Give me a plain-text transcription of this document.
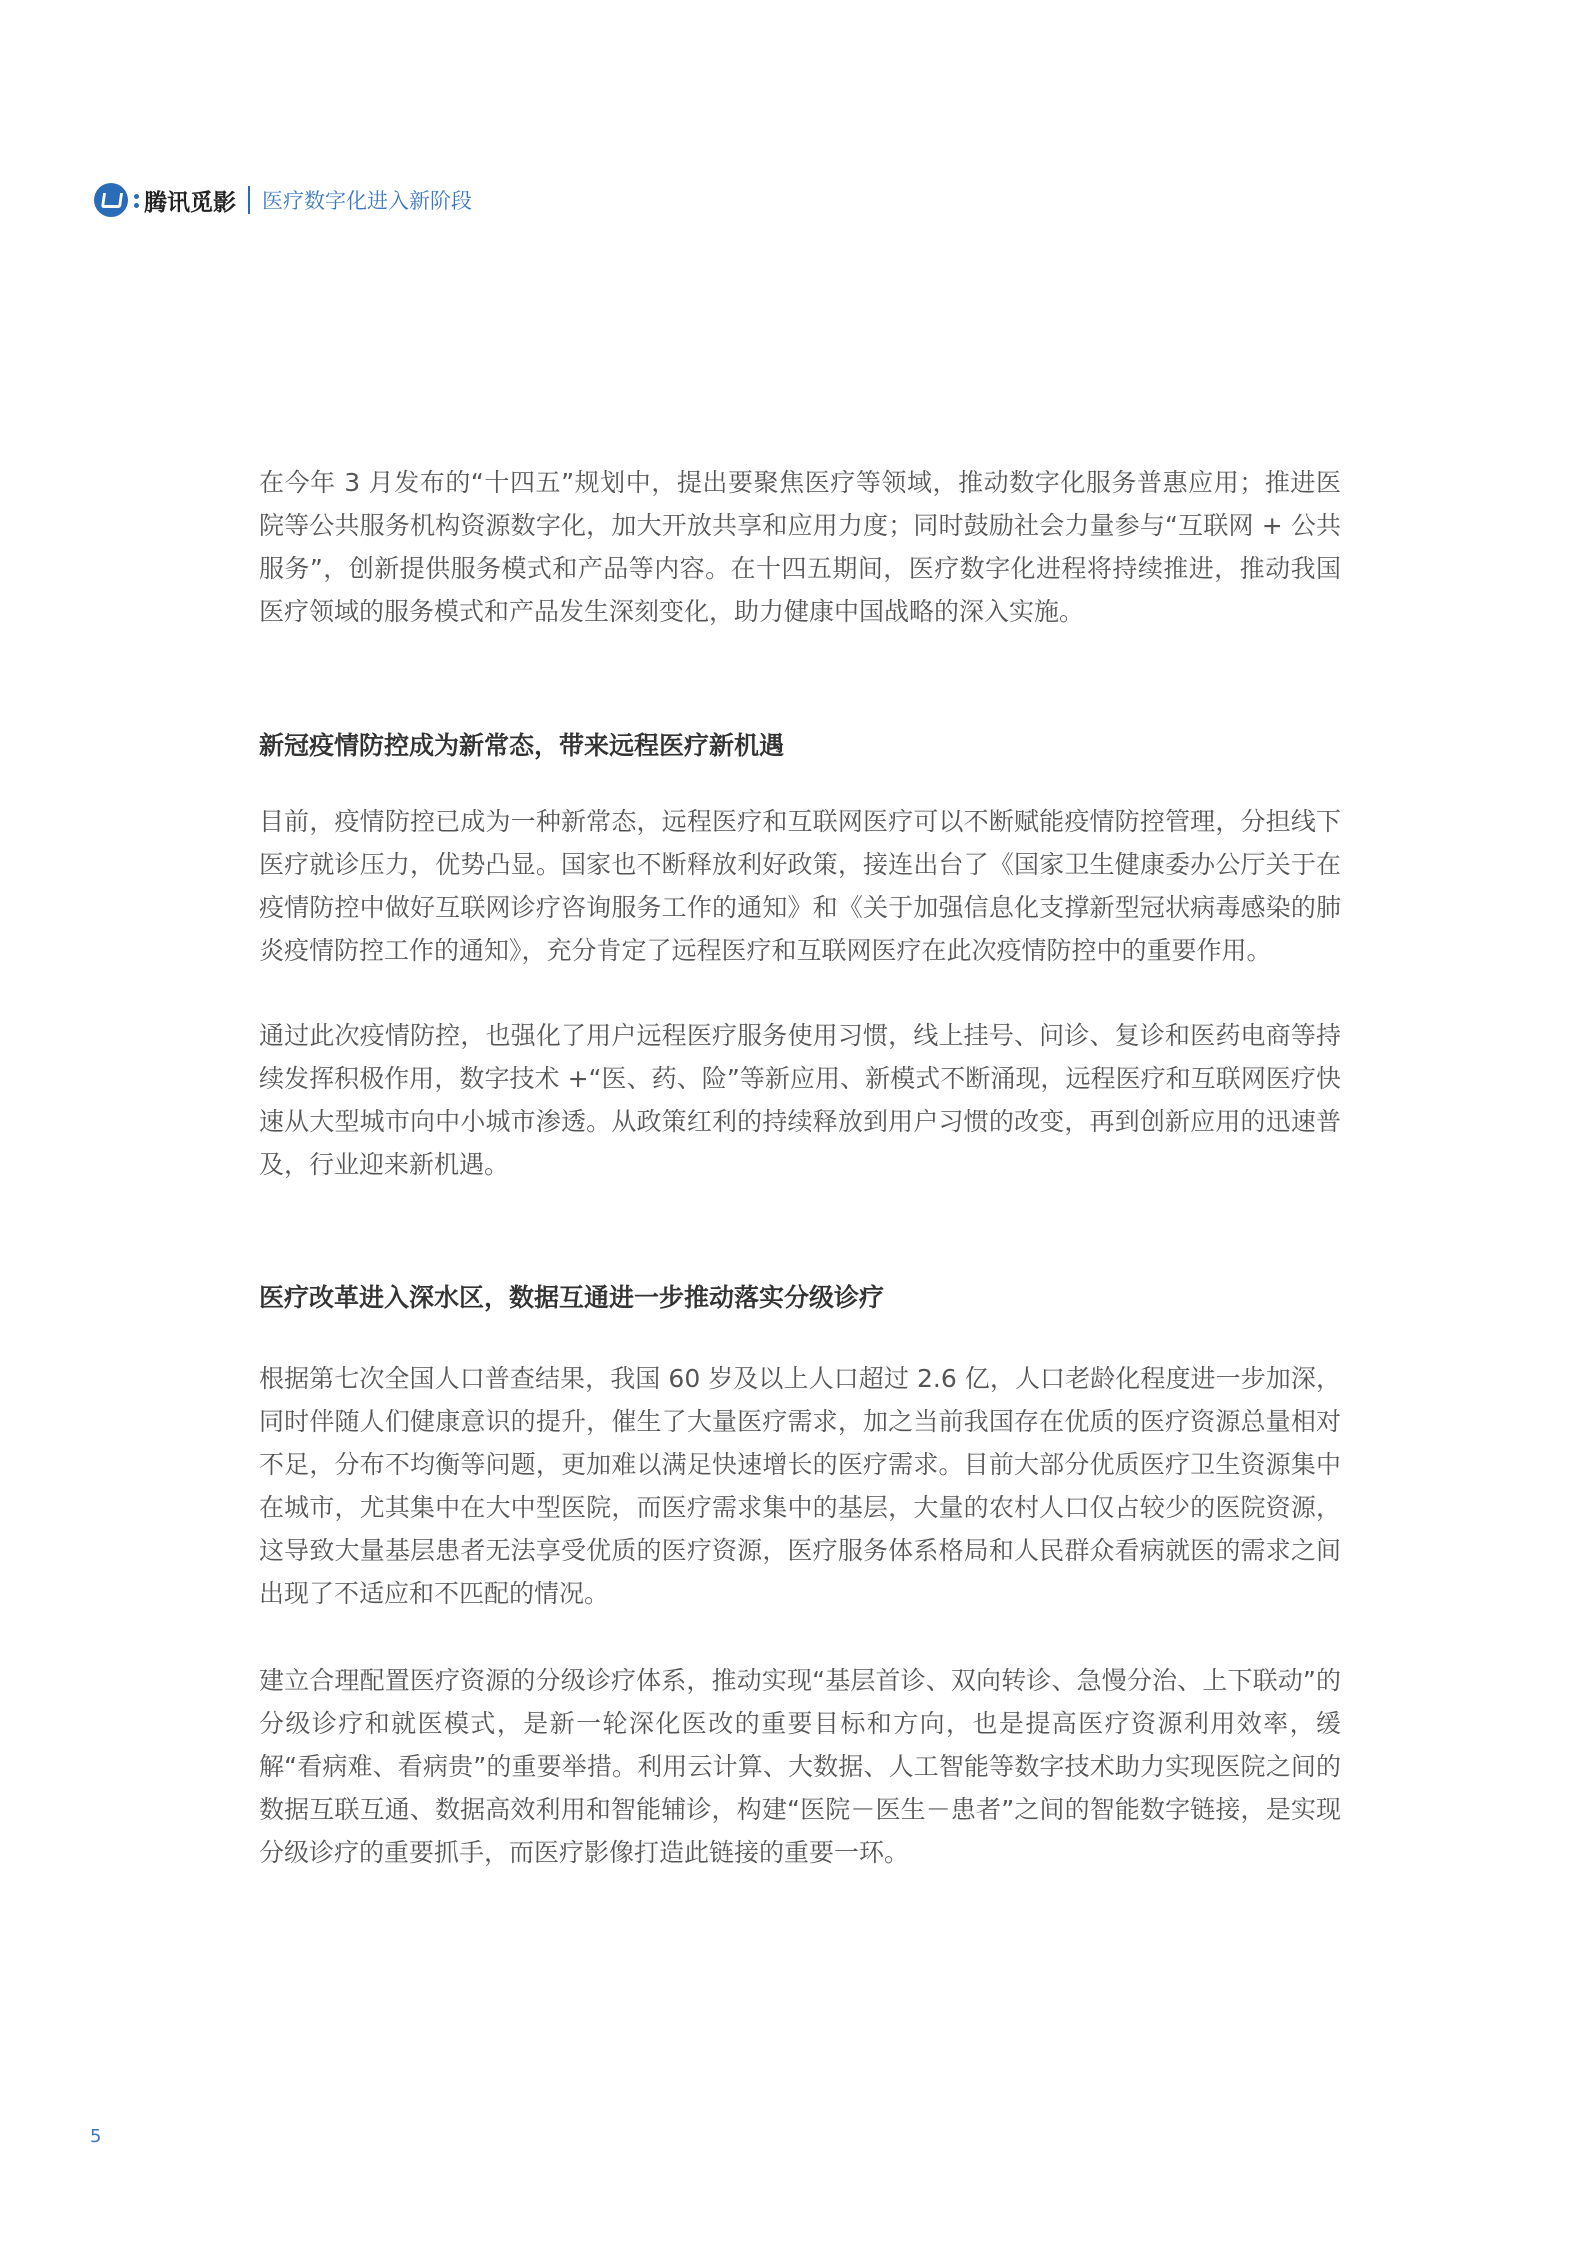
腾讯觅影 医疗数字化进入新阶段

在今年 3 月发布的“十四五”规划中，提出要聚焦医疗等领域，推动数字化服务普惠应用；推进医院等公共服务机构资源数字化，加大开放共享和应用力度；同时鼓励社会力量参与“互联网 + 公共服务”，创新提供服务模式和产品等内容。在十四五期间，医疗数字化进程将持续推进，推动我国医疗领域的服务模式和产品发生深刻变化，助力健康中国战略的深入实施。

新冠疫情防控成为新常态，带来远程医疗新机遇

目前，疫情防控已成为一种新常态，远程医疗和互联网医疗可以不断赋能疫情防控管理，分担线下医疗就诊压力，优势凸显。国家也不断释放利好政策，接连出台了《国家卫生健康委办公厅关于在疫情防控中做好互联网诊疗咨询服务工作的通知》和《关于加强信息化支撑新型冠状病毒感染的肺炎疫情防控工作的通知》，充分肯定了远程医疗和互联网医疗在此次疫情防控中的重要作用。

通过此次疫情防控，也强化了用户远程医疗服务使用习惯，线上挂号、问诊、复诊和医药电商等持续发挥积极作用，数字技术 +“医、药、险”等新应用、新模式不断涌现，远程医疗和互联网医疗快速从大型城市向中小城市渗透。从政策红利的持续释放到用户习惯的改变，再到创新应用的迅速普及，行业迎来新机遇。

医疗改革进入深水区，数据互通进一步推动落实分级诊疗

根据第七次全国人口普查结果，我国 60 岁及以上人口超过 2.6 亿，人口老龄化程度进一步加深，同时伴随人们健康意识的提升，催生了大量医疗需求，加之当前我国存在优质的医疗资源总量相对不足，分布不均衡等问题，更加难以满足快速增长的医疗需求。目前大部分优质医疗卫生资源集中在城市，尤其集中在大中型医院，而医疗需求集中的基层，大量的农村人口仅占较少的医院资源，这导致大量基层患者无法享受优质的医疗资源，医疗服务体系格局和人民群众看病就医的需求之间出现了不适应和不匹配的情况。

建立合理配置医疗资源的分级诊疗体系，推动实现“基层首诊、双向转诊、急慢分治、上下联动”的分级诊疗和就医模式，是新一轮深化医改的重要目标和方向，也是提高医疗资源利用效率，缓解“看病难、看病贵”的重要举措。利用云计算、大数据、人工智能等数字技术助力实现医院之间的数据互联互通、数据高效利用和智能辅诊，构建“医院－医生－患者”之间的智能数字链接，是实现分级诊疗的重要抓手，而医疗影像打造此链接的重要一环。

5
